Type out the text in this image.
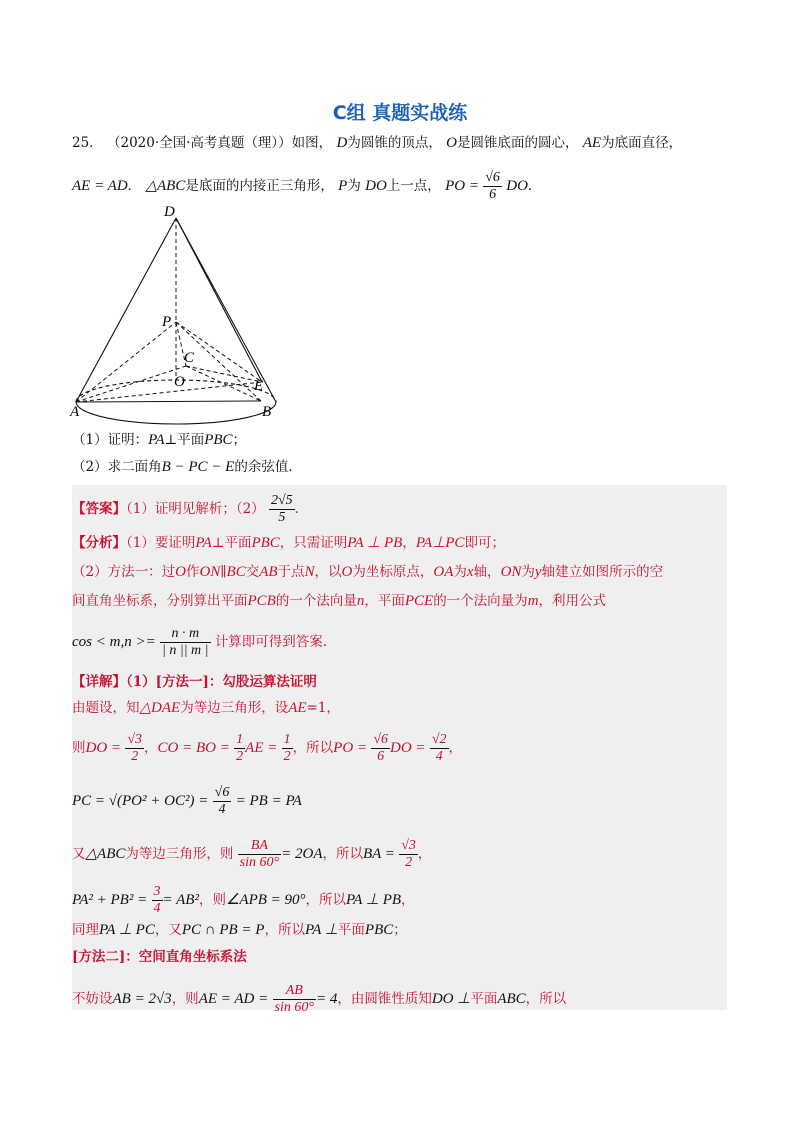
C组 真题实战练
25． （2020·全国·高考真题（理））如图， D为圆锥的顶点， O是圆锥底面的圆心， AE为底面直径，
AE = AD． △ABC是底面的内接正三角形， P为 DO上一点， PO = $\frac{√6}{6}$ DO．
D
P
C
O	E
A	B
（1）证明：PA⊥平面PBC；
（2）求二面角B − PC − E的余弦值．
【答案】（1）证明见解析；$(2) \frac{2√5}{5}$ ．
【分析】（1）要证明PA⊥平面PBC，只需证明PA ⊥ PB，PA⊥PC即可；
（2）方法一：过O作ON∥BC交AB于点N，以O为坐标原点，OA为x轴，ON为y轴建立如图所示的空
间直角坐标系，分别算出平面PCB的一个法向量n，平面PCE的一个法向量为m，利用公式
$\cos < m,n >= \frac{n \cdot m}{| n || m |}$ 计算即可得到答案.
【详解】（1）[方法一]：勾股运算法证明
由题设，知△DAE为等边三角形，设AE=1，
则DO = $\frac{√3}{2}$ ，CO = BO = $\frac{1}{2}$ AE = $\frac{1}{2}$ ，所以PO = $\frac{√6}{6}$ DO = $\frac{√2}{4}$ ，
PC = $√(PO^2 + OC^2) = \frac{√6}{4}$ = PB = PA
又△ABC为等边三角形，则 $\frac{BA}{\sin 60^\circ} = 2OA$，所以BA = $\frac{√3}{2}$ ，
$PA^2 + PB^2 = \frac{3}{4} = AB^2$，则∠APB = 90°，所以PA ⊥ PB，
同理PA ⊥ PC，又PC ∩ PB = P，所以PA ⊥平面PBC；
[方法二]：空间直角坐标系法
不妨设AB = 2√3，则AE = AD = $\frac{AB}{\sin 60^\circ} = 4$，由圆锥性质知DO ⊥平面ABC，所以
